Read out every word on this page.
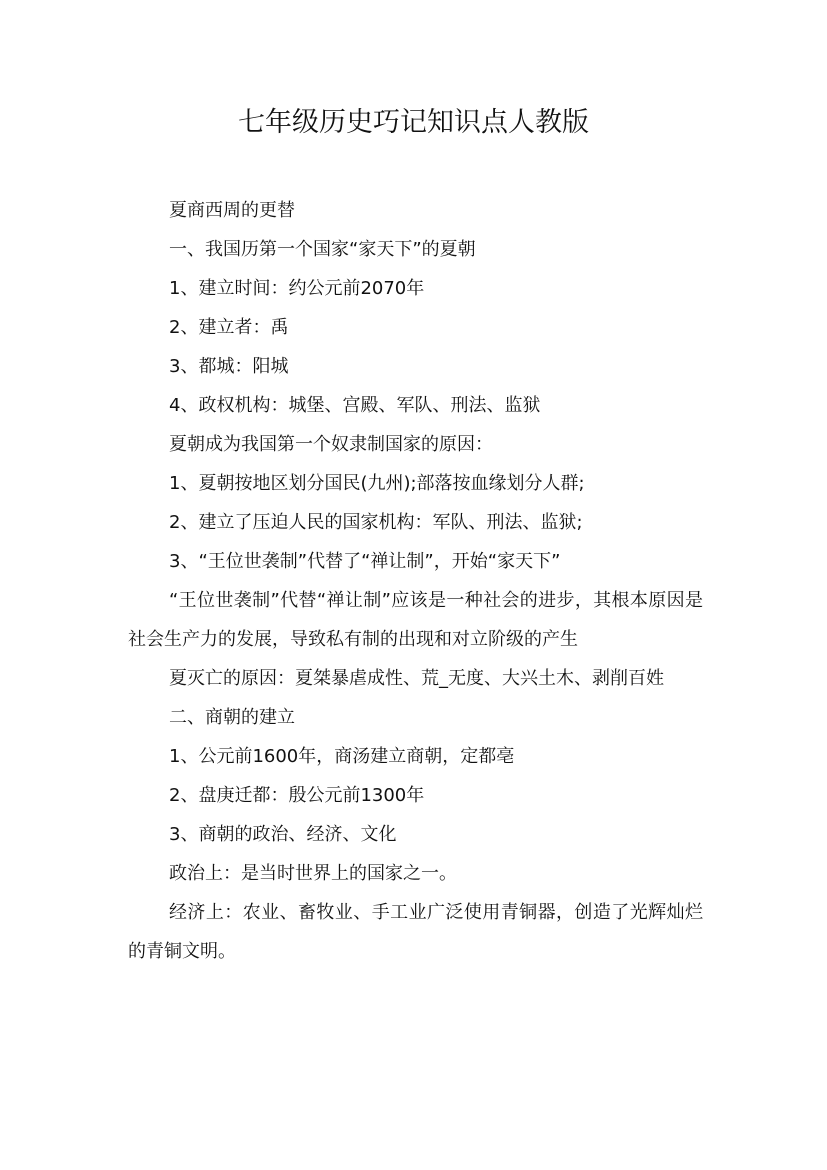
七年级历史巧记知识点人教版

夏商西周的更替

一、我国历第一个国家“家天下”的夏朝

1、建立时间：约公元前2070年

2、建立者：禹

3、都城：阳城

4、政权机构：城堡、宫殿、军队、刑法、监狱

夏朝成为我国第一个奴隶制国家的原因：

1、夏朝按地区划分国民(九州);部落按血缘划分人群;

2、建立了压迫人民的国家机构：军队、刑法、监狱;

3、“王位世袭制”代替了“禅让制”，开始“家天下”

“王位世袭制”代替“禅让制”应该是一种社会的进步，其根本原因是社会生产力的发展，导致私有制的出现和对立阶级的产生

夏灭亡的原因：夏桀暴虐成性、荒_无度、大兴土木、剥削百姓

二、商朝的建立

1、公元前1600年，商汤建立商朝，定都亳

2、盘庚迁都：殷公元前1300年

3、商朝的政治、经济、文化

政治上：是当时世界上的国家之一。

经济上：农业、畜牧业、手工业广泛使用青铜器，创造了光辉灿烂的青铜文明。
